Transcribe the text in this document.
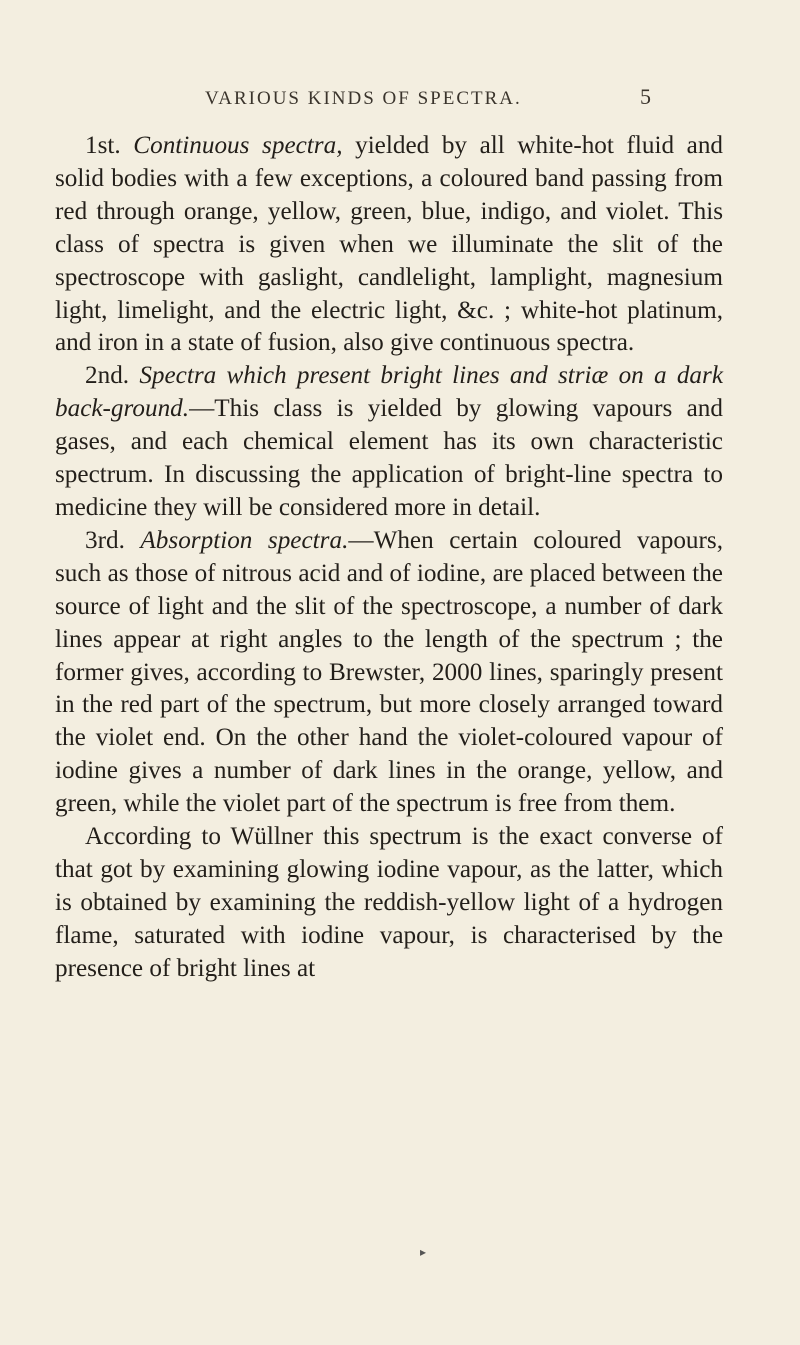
VARIOUS KINDS OF SPECTRA.	5

1st. Continuous spectra, yielded by all white-hot fluid and solid bodies with a few exceptions, a coloured band passing from red through orange, yellow, green, blue, indigo, and violet. This class of spectra is given when we illuminate the slit of the spectroscope with gaslight, candlelight, lamplight, magnesium light, limelight, and the electric light, &c. ; white-hot platinum, and iron in a state of fusion, also give continuous spectra.

2nd. Spectra which present bright lines and striæ on a dark back-ground.—This class is yielded by glowing vapours and gases, and each chemical element has its own characteristic spectrum. In discussing the application of bright-line spectra to medicine they will be considered more in detail.

3rd. Absorption spectra.—When certain coloured vapours, such as those of nitrous acid and of iodine, are placed between the source of light and the slit of the spectroscope, a number of dark lines appear at right angles to the length of the spectrum ; the former gives, according to Brewster, 2000 lines, sparingly present in the red part of the spectrum, but more closely arranged toward the violet end. On the other hand the violet-coloured vapour of iodine gives a number of dark lines in the orange, yellow, and green, while the violet part of the spectrum is free from them.

According to Wüllner this spectrum is the exact converse of that got by examining glowing iodine vapour, as the latter, which is obtained by examining the reddish-yellow light of a hydrogen flame, saturated with iodine vapour, is characterised by the presence of bright lines at

▸
